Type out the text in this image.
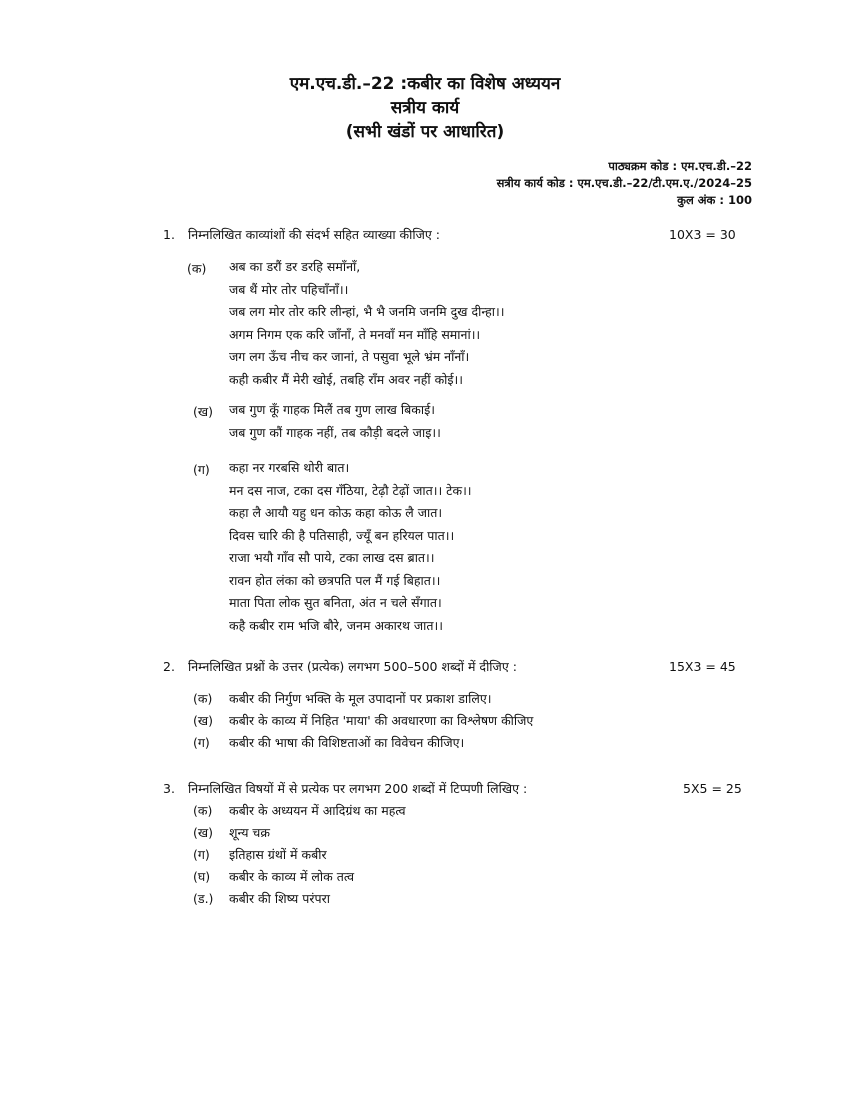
एम.एच.डी.–22 :कबीर का विशेष अध्ययन
सत्रीय कार्य
(सभी खंडों पर आधारित)
पाठ्यक्रम कोड : एम.एच.डी.–22
सत्रीय कार्य कोड : एम.एच.डी.–22/टी.एम.ए./2024–25
कुल अंक : 100
1.	निम्नलिखित काव्यांशों की संदर्भ सहित व्याख्या कीजिए :	10X3 = 30
(क) अब का डरौं डर डरहि समाँनाँ,
जब थैं मोर तोर पहिचाँनाँ।।
जब लग मोर तोर करि लीन्हां, भै भै जनमि जनमि दुख दीन्हा।।
अगम निगम एक करि जाँनाँ, ते मनवाँ मन माँहि समानां।।
जग लग ऊँच नीच कर जानां, ते पसुवा भूले भ्रंम नाँनाँ।
कही कबीर मैं मेरी खोई, तबहि राँम अवर नहीं कोई।।
(ख) जब गुण कूँ गाहक मिलैं तब गुण लाख बिकाई।
जब गुण कौं गाहक नहीं, तब कौड़ी बदले जाइ।।
(ग) कहा नर गरबसि थोरी बात।
मन दस नाज, टका दस गँठिया, टेढ़ौ टेढ़ों जात।। टेक।।
कहा लै आयौ यहु धन कोऊ कहा कोऊ लै जात।
दिवस चारि की है पतिसाही, ज्यूँ बन हरियल पात।।
राजा भयौ गाँव सौ पाये, टका लाख दस ब्रात।।
रावन होत लंका को छत्रपति पल मैं गई बिहात।।
माता पिता लोक सुत बनिता, अंत न चले सँगात।
कहै कबीर राम भजि बौरे, जनम अकारथ जात।।
2.	निम्नलिखित प्रश्नों के उत्तर (प्रत्येक) लगभग 500–500 शब्दों में दीजिए :	15X3 = 45
(क) कबीर की निर्गुण भक्ति के मूल उपादानों पर प्रकाश डालिए।
(ख) कबीर के काव्य में निहित 'माया' की अवधारणा का विश्लेषण कीजिए
(ग) कबीर की भाषा की विशिष्टताओं का विवेचन कीजिए।
3.	निम्नलिखित विषयों में से प्रत्येक पर लगभग 200 शब्दों में टिप्पणी लिखिए :	5X5 = 25
(क) कबीर के अध्ययन में आदिग्रंथ का महत्व
(ख) शून्य चक्र
(ग) इतिहास ग्रंथों में कबीर
(घ) कबीर के काव्य में लोक तत्व
(ड.) कबीर की शिष्य परंपरा
